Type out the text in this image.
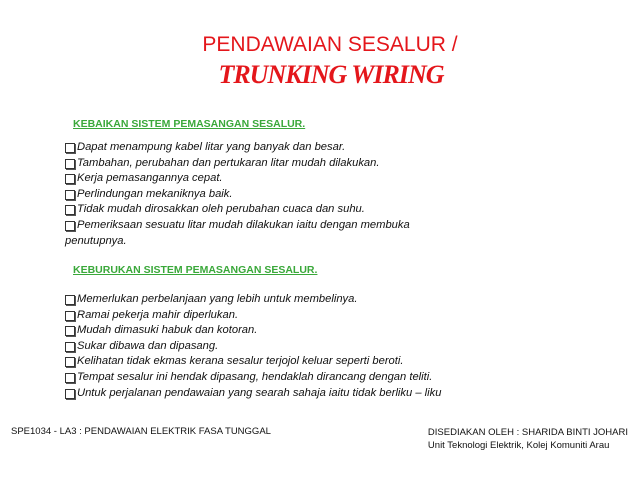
PENDAWAIAN SESALUR /
TRUNKING WIRING
KEBAIKAN SISTEM PEMASANGAN SESALUR.
Dapat menampung kabel litar yang banyak dan besar.
Tambahan, perubahan dan pertukaran litar mudah dilakukan.
Kerja pemasangannya cepat.
Perlindungan mekaniknya baik.
Tidak mudah dirosakkan oleh perubahan cuaca dan suhu.
Pemeriksaan sesuatu litar mudah dilakukan iaitu dengan membuka
penutupnya.
KEBURUKAN SISTEM PEMASANGAN SESALUR.
Memerlukan perbelanjaan yang lebih untuk membelinya.
Ramai pekerja mahir diperlukan.
Mudah dimasuki habuk dan kotoran.
Sukar dibawa dan dipasang.
Kelihatan tidak ekmas kerana sesalur terjojol keluar seperti beroti.
Tempat sesalur ini hendak dipasang, hendaklah dirancang dengan teliti.
Untuk perjalanan pendawaian yang searah sahaja iaitu tidak berliku – liku
SPE1034 - LA3 : PENDAWAIAN ELEKTRIK FASA TUNGGAL	DISEDIAKAN OLEH : SHARIDA BINTI JOHARI
Unit Teknologi Elektrik, Kolej Komuniti Arau
